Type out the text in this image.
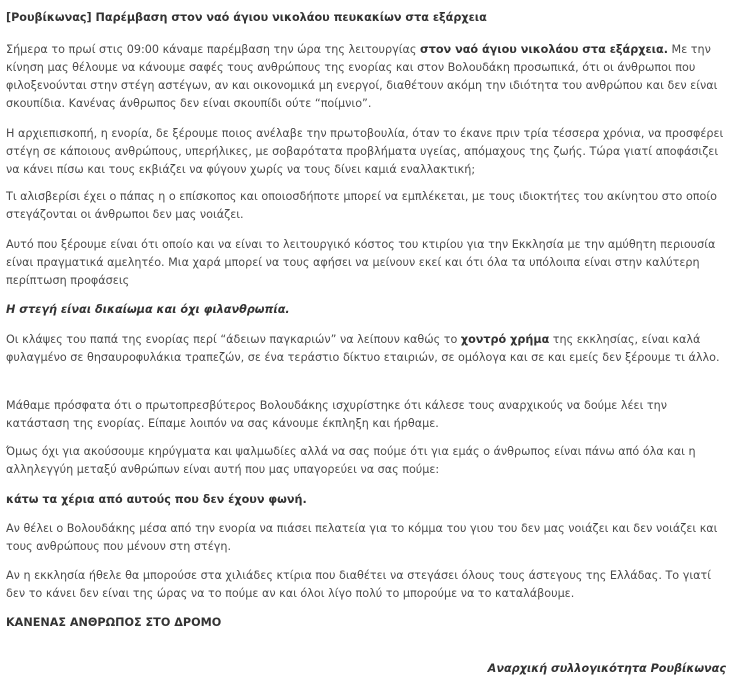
[Ρουβίκωνας] Παρέμβαση στον ναό άγιου νικολάου πευκακίων στα εξάρχεια

Σήμερα το πρωί στις 09:00 κάναμε παρέμβαση την ώρα της λειτουργίας στον ναό άγιου νικολάου στα εξάρχεια. Με την κίνηση μας θέλουμε να κάνουμε σαφές τους ανθρώπους της ενορίας και στον Βολουδάκη προσωπικά, ότι οι άνθρωποι που φιλοξενούνται στην στέγη αστέγων, αν και οικονομικά μη ενεργοί, διαθέτουν ακόμη την ιδιότητα του ανθρώπου και δεν είναι σκουπίδια. Κανένας άνθρωπος δεν είναι σκουπίδι ούτε “ποίμνιο”.

Η αρχιεπισκοπή, η ενορία, δε ξέρουμε ποιος ανέλαβε την πρωτοβουλία, όταν το έκανε πριν τρία τέσσερα χρόνια, να προσφέρει στέγη σε κάποιους ανθρώπους, υπερήλικες, με σοβαρότατα προβλήματα υγείας, απόμαχους της ζωής. Τώρα γιατί αποφάσιζει να κάνει πίσω και τους εκβιάζει να φύγουν χωρίς να τους δίνει καμιά εναλλακτική;

Τι αλισβερίσι έχει ο πάπας η ο επίσκοπος και οποιοσδήποτε μπορεί να εμπλέκεται, με τους ιδιοκτήτες του ακίνητου στο οποίο στεγάζονται οι άνθρωποι δεν μας νοιάζει.

Αυτό που ξέρουμε είναι ότι οποίο και να είναι το λειτουργικό κόστος του κτιρίου για την Εκκλησία με την αμύθητη περιουσία είναι πραγματικά αμελητέο. Μια χαρά μπορεί να τους αφήσει να μείνουν εκεί και ότι όλα τα υπόλοιπα είναι στην καλύτερη περίπτωση προφάσεις

Η στεγή είναι δικαίωμα και όχι φιλανθρωπία.

Οι κλάψες του παπά της ενορίας περί “άδειων παγκαριών” να λείπουν καθώς το χοντρό χρήμα της εκκλησίας, είναι καλά φυλαγμένο σε θησαυροφυλάκια τραπεζών, σε ένα τεράστιο δίκτυο εταιριών, σε ομόλογα και σε και εμείς δεν ξέρουμε τι άλλο.

Μάθαμε πρόσφατα ότι ο πρωτοπρεσβύτερος Βολουδάκης ισχυρίστηκε ότι κάλεσε τους αναρχικούς να δούμε λέει την κατάσταση της ενορίας. Είπαμε λοιπόν να σας κάνουμε έκπληξη και ήρθαμε.

Όμως όχι για ακούσουμε κηρύγματα και ψαλμωδίες αλλά να σας πούμε ότι για εμάς ο άνθρωπος είναι πάνω από όλα και η αλληλεγγύη μεταξύ ανθρώπων είναι αυτή που μας υπαγορεύει να σας πούμε:

κάτω τα χέρια από αυτούς που δεν έχουν φωνή.

Αν θέλει ο Βολουδάκης μέσα από την ενορία να πιάσει πελατεία για το κόμμα του γιου του δεν μας νοιάζει και δεν νοιάζει και τους ανθρώπους που μένουν στη στέγη.

Αν η εκκλησία ήθελε θα μπορούσε στα χιλιάδες κτίρια που διαθέτει να στεγάσει όλους τους άστεγους της Ελλάδας. Το γιατί δεν το κάνει δεν είναι της ώρας να το πούμε αν και όλοι λίγο πολύ το μπορούμε να το καταλάβουμε.

ΚΑΝΕΝΑΣ ΑΝΘΡΩΠΟΣ ΣΤΟ ΔΡΟΜΟ

Αναρχική συλλογικότητα Ρουβίκωνας
